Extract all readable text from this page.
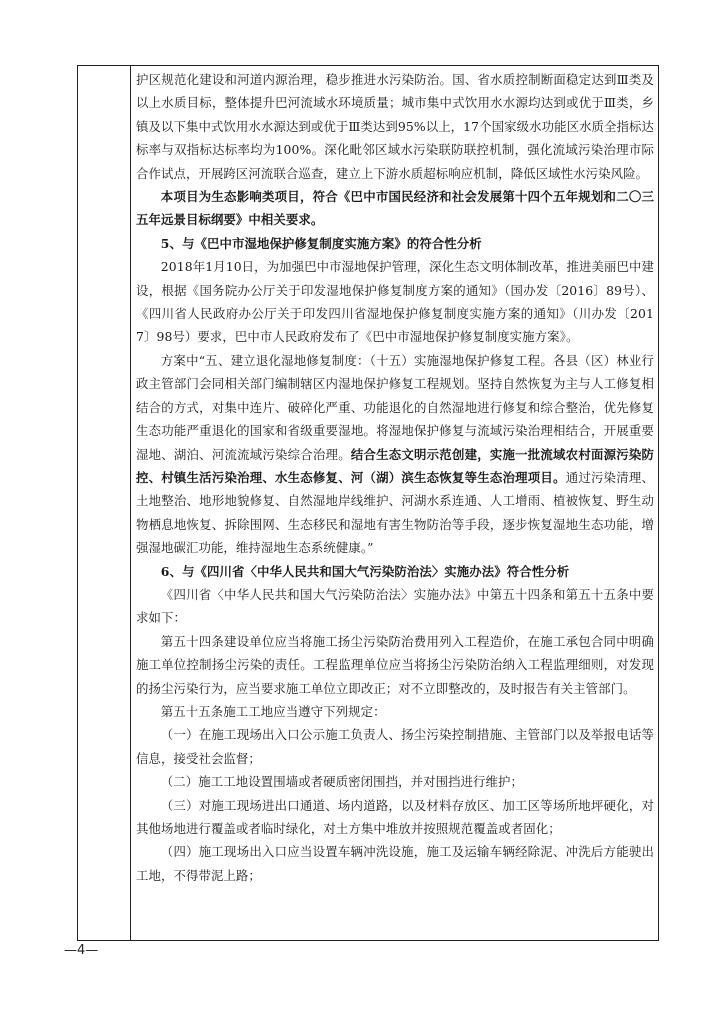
护区规范化建设和河道内源治理，稳步推进水污染防治。国、省水质控制断面稳定达到Ⅲ类及以上水质目标，整体提升巴河流域水环境质量；城市集中式饮用水水源均达到或优于Ⅲ类，乡镇及以下集中式饮用水水源达到或优于Ⅲ类达到95%以上，17个国家级水功能区水质全指标达标率与双指标达标率均为100%。深化毗邻区域水污染联防联控机制，强化流域污染治理市际合作试点，开展跨区河流联合巡查，建立上下游水质超标响应机制，降低区域性水污染风险。

本项目为生态影响类项目，符合《巴中市国民经济和社会发展第十四个五年规划和二〇三五年远景目标纲要》中相关要求。

5、与《巴中市湿地保护修复制度实施方案》的符合性分析

2018年1月10日，为加强巴中市湿地保护管理，深化生态文明体制改革，推进美丽巴中建设，根据《国务院办公厅关于印发湿地保护修复制度方案的通知》（国办发〔2016〕89号）、《四川省人民政府办公厅关于印发四川省湿地保护修复制度实施方案的通知》（川办发〔2017〕98号）要求，巴中市人民政府发布了《巴中市湿地保护修复制度实施方案》。

方案中“五、建立退化湿地修复制度：（十五）实施湿地保护修复工程。各县（区）林业行政主管部门会同相关部门编制辖区内湿地保护修复工程规划。坚持自然恢复为主与人工修复相结合的方式，对集中连片、破碎化严重、功能退化的自然湿地进行修复和综合整治，优先修复生态功能严重退化的国家和省级重要湿地。将湿地保护修复与流域污染治理相结合，开展重要湿地、湖泊、河流流域污染综合治理。结合生态文明示范创建，实施一批流域农村面源污染防控、村镇生活污染治理、水生态修复、河（湖）滨生态恢复等生态治理项目。通过污染清理、土地整治、地形地貌修复、自然湿地岸线维护、河湖水系连通、人工增雨、植被恢复、野生动物栖息地恢复、拆除围网、生态移民和湿地有害生物防治等手段，逐步恢复湿地生态功能，增强湿地碳汇功能，维持湿地生态系统健康。”

6、与《四川省〈中华人民共和国大气污染防治法〉实施办法》符合性分析

《四川省〈中华人民共和国大气污染防治法〉实施办法》中第五十四条和第五十五条中要求如下：

第五十四条建设单位应当将施工扬尘污染防治费用列入工程造价，在施工承包合同中明确施工单位控制扬尘污染的责任。工程监理单位应当将扬尘污染防治纳入工程监理细则，对发现的扬尘污染行为，应当要求施工单位立即改正；对不立即整改的，及时报告有关主管部门。

第五十五条施工工地应当遵守下列规定：

（一）在施工现场出入口公示施工负责人、扬尘污染控制措施、主管部门以及举报电话等信息，接受社会监督；

（二）施工工地设置围墙或者硬质密闭围挡，并对围挡进行维护；

（三）对施工现场进出口通道、场内道路，以及材料存放区、加工区等场所地坪硬化，对其他场地进行覆盖或者临时绿化，对土方集中堆放并按照规范覆盖或者固化；

（四）施工现场出入口应当设置车辆冲洗设施，施工及运输车辆经除泥、冲洗后方能驶出工地，不得带泥上路；

—4—
